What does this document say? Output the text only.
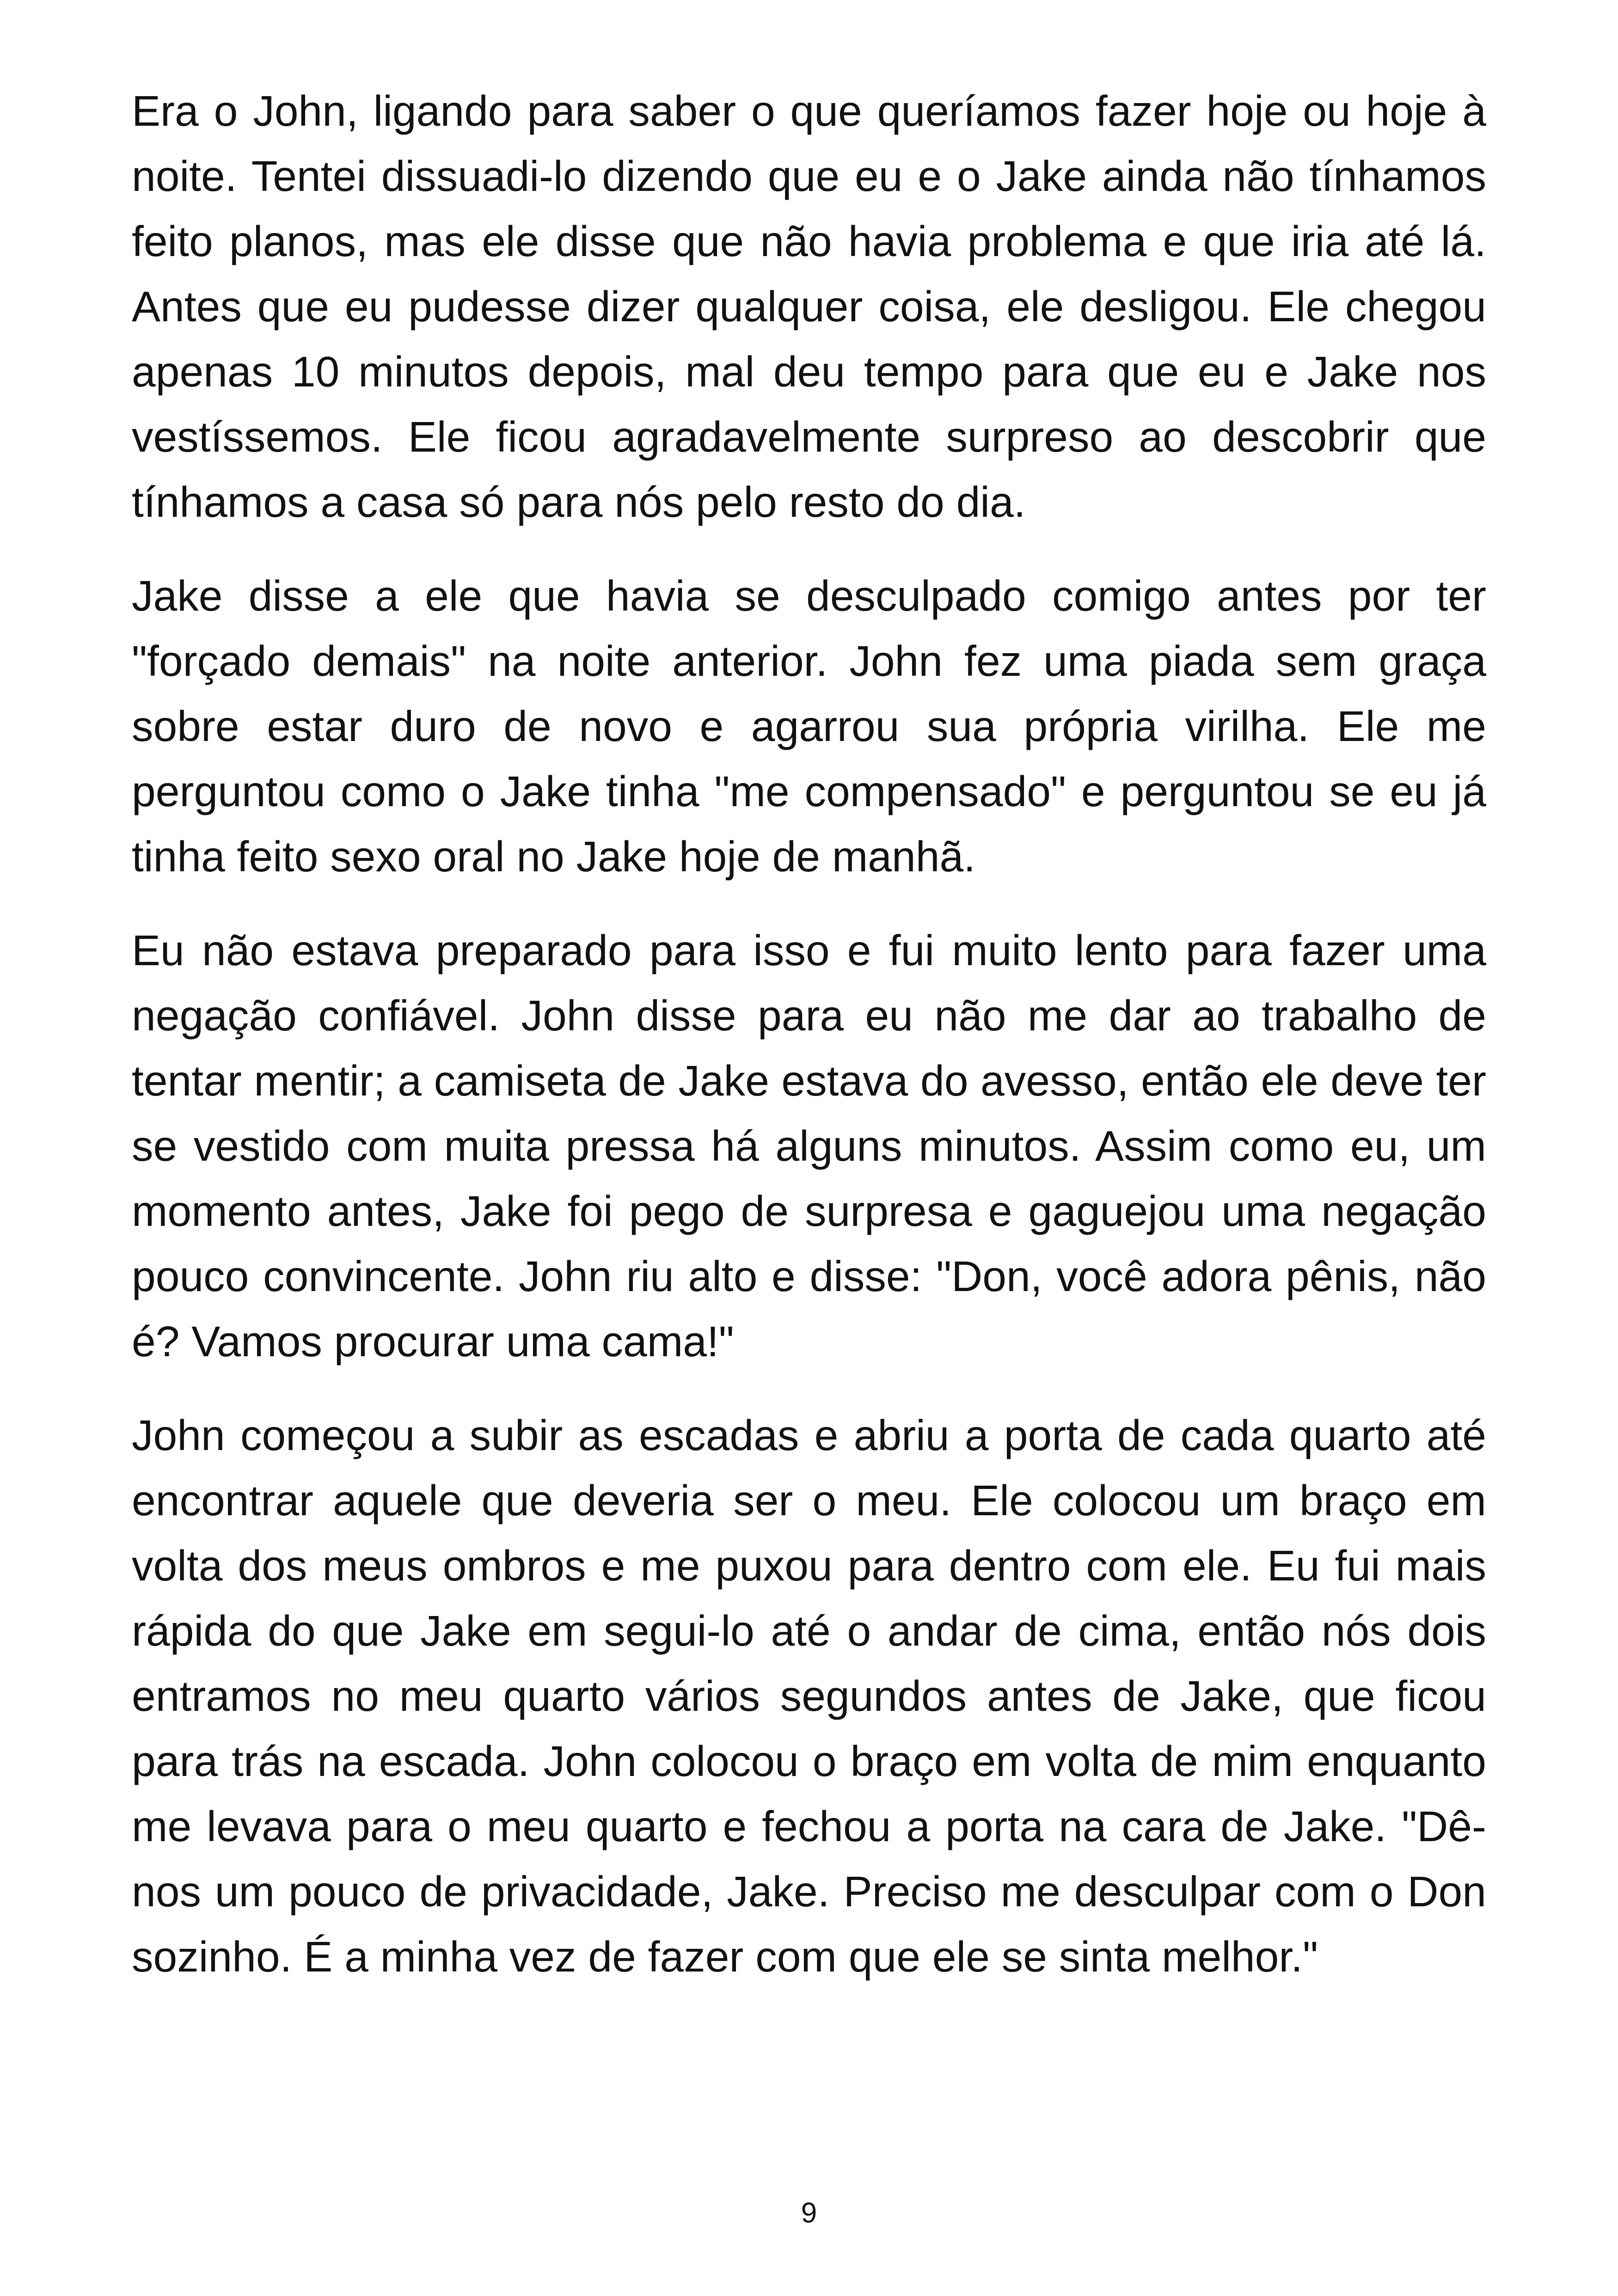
Era o John, ligando para saber o que queríamos fazer hoje ou hoje à noite. Tentei dissuadi-lo dizendo que eu e o Jake ainda não tínhamos feito planos, mas ele disse que não havia problema e que iria até lá. Antes que eu pudesse dizer qualquer coisa, ele desligou. Ele chegou apenas 10 minutos depois, mal deu tempo para que eu e Jake nos vestíssemos. Ele ficou agradavelmente surpreso ao descobrir que tínhamos a casa só para nós pelo resto do dia.

Jake disse a ele que havia se desculpado comigo antes por ter "forçado demais" na noite anterior. John fez uma piada sem graça sobre estar duro de novo e agarrou sua própria virilha. Ele me perguntou como o Jake tinha "me compensado" e perguntou se eu já tinha feito sexo oral no Jake hoje de manhã.

Eu não estava preparado para isso e fui muito lento para fazer uma negação confiável. John disse para eu não me dar ao trabalho de tentar mentir; a camiseta de Jake estava do avesso, então ele deve ter se vestido com muita pressa há alguns minutos. Assim como eu, um momento antes, Jake foi pego de surpresa e gaguejou uma negação pouco convincente. John riu alto e disse: "Don, você adora pênis, não é? Vamos procurar uma cama!"

John começou a subir as escadas e abriu a porta de cada quarto até encontrar aquele que deveria ser o meu. Ele colocou um braço em volta dos meus ombros e me puxou para dentro com ele. Eu fui mais rápida do que Jake em segui-lo até o andar de cima, então nós dois entramos no meu quarto vários segundos antes de Jake, que ficou para trás na escada. John colocou o braço em volta de mim enquanto me levava para o meu quarto e fechou a porta na cara de Jake. "Dê-nos um pouco de privacidade, Jake. Preciso me desculpar com o Don sozinho. É a minha vez de fazer com que ele se sinta melhor."

9
